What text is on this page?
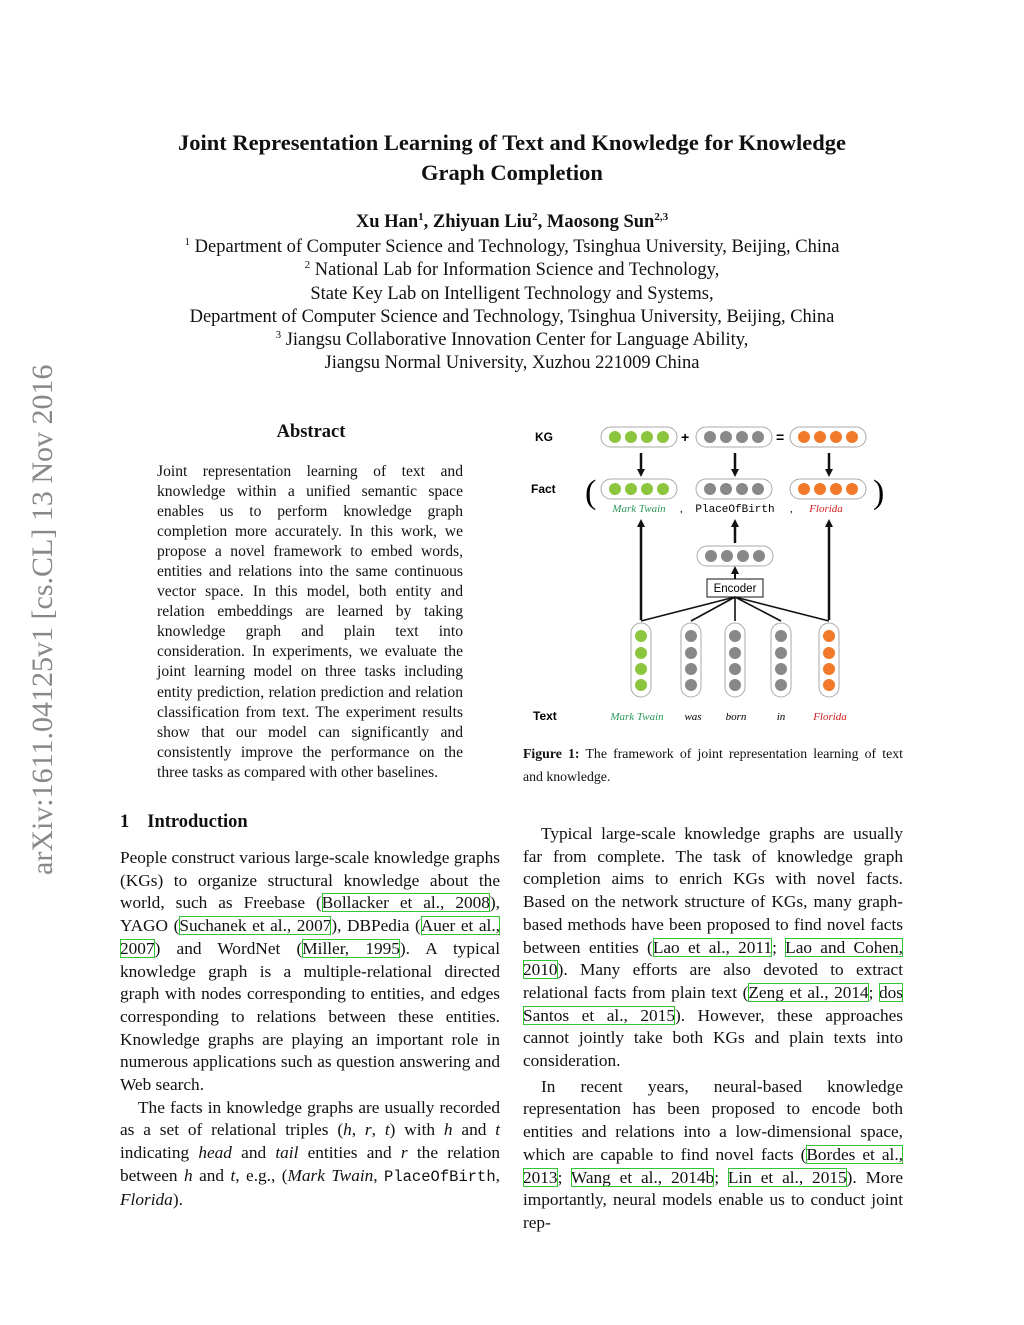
arXiv:1611.04125v1 [cs.CL] 13 Nov 2016
Joint Representation Learning of Text and Knowledge for Knowledge
Graph Completion
Xu Han$^1$, Zhiyuan Liu$^2$, Maosong Sun$^{2,3}$
$^1$ Department of Computer Science and Technology, Tsinghua University, Beijing, China
$^2$ National Lab for Information Science and Technology,
State Key Lab on Intelligent Technology and Systems,
Department of Computer Science and Technology, Tsinghua University, Beijing, China
$^3$ Jiangsu Collaborative Innovation Center for Language Ability,
Jiangsu Normal University, Xuzhou 221009 China
Abstract
Joint representation learning of text and knowledge within a unified semantic space enables us to perform knowledge graph completion more accurately. In this work, we propose a novel framework to embed words, entities and relations into the same continuous vector space. In this model, both entity and relation embeddings are learned by taking knowledge graph and plain text into consideration. In experiments, we evaluate the joint learning model on three tasks including entity prediction, relation prediction and relation classification from text. The experiment results show that our model can significantly and consistently improve the performance on the three tasks as compared with other baselines.
1 Introduction

People construct various large-scale knowledge graphs (KGs) to organize structural knowledge about the world, such as Freebase (Bollacker et al., 2008), YAGO (Suchanek et al., 2007), DBPedia (Auer et al., 2007) and WordNet (Miller, 1995). A typical knowledge graph is a multiple-relational directed graph with nodes corresponding to entities, and edges corresponding to relations between these entities. Knowledge graphs are playing an important role in numerous applications such as question answering and Web search.

The facts in knowledge graphs are usually recorded as a set of relational triples (h, r, t) with h and t indicating head and tail entities and r the relation between h and t, e.g., (Mark Twain, PlaceOfBirth, Florida).

KG
Fact
Text
+	=
(	)
Mark Twain , PlaceOfBirth , Florida
Encoder
Mark Twain was born	in	Florida
Figure 1: The framework of joint representation learning of text and knowledge.

Typical large-scale knowledge graphs are usually far from complete. The task of knowledge graph completion aims to enrich KGs with novel facts. Based on the network structure of KGs, many graph-based methods have been proposed to find novel facts between entities (Lao et al., 2011; Lao and Cohen, 2010). Many efforts are also devoted to extract relational facts from plain text (Zeng et al., 2014; dos Santos et al., 2015). However, these approaches cannot jointly take both KGs and plain texts into consideration.

In recent years, neural-based knowledge representation has been proposed to encode both entities and relations into a low-dimensional space, which are capable to find novel facts (Bordes et al., 2013; Wang et al., 2014b; Lin et al., 2015). More importantly, neural models enable us to conduct joint rep-
